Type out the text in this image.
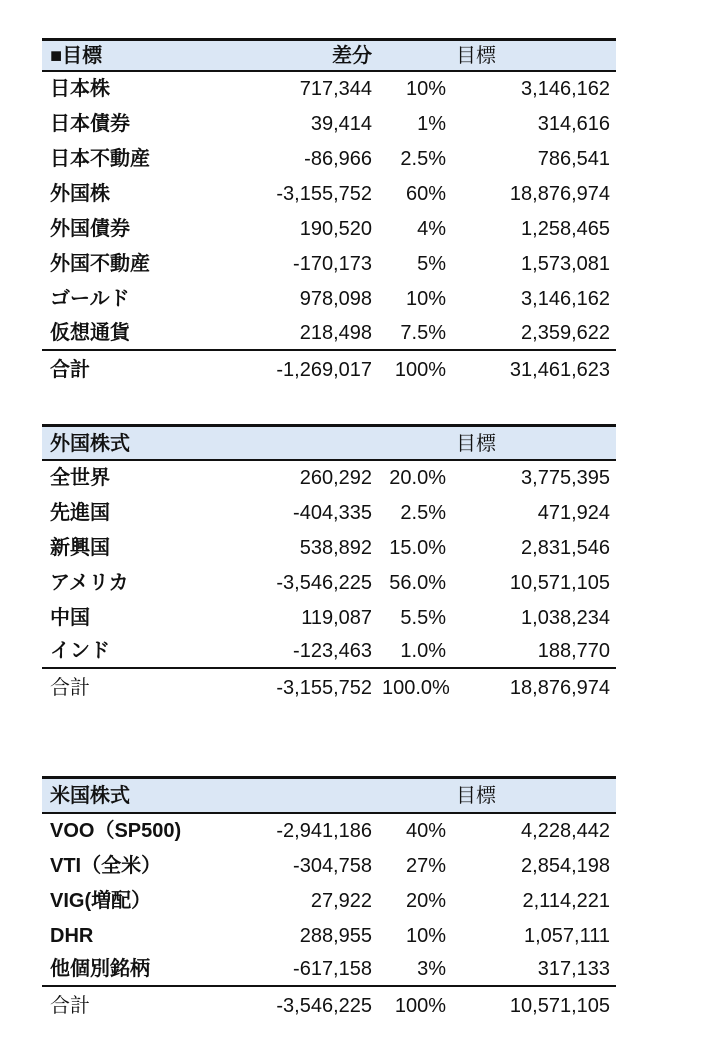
■目標	差分	目標
日本株	717,344	10%	3,146,162
日本債券	39,414	1%	314,616
日本不動産	-86,966	2.5%	786,541
外国株	-3,155,752	60%	18,876,974
外国債券	190,520	4%	1,258,465
外国不動産	-170,173	5%	1,573,081
ゴールド	978,098	10%	3,146,162
仮想通貨	218,498	7.5%	2,359,622
合計	-1,269,017	100%	31,461,623
外国株式	目標
全世界	260,292 20.0%	3,775,395
先進国	-404,335	2.5%	471,924
新興国	538,892 15.0%	2,831,546
アメリカ	-3,546,225 56.0%	10,571,105
中国	119,087	5.5%	1,038,234
インド	-123,463	1.0%	188,770
合計	-3,155,752 100.0%	18,876,974
米国株式	目標
VOO（SP500)	-2,941,186	40%	4,228,442
VTI（全米）	-304,758	27%	2,854,198
VIG(増配）	27,922	20%	2,114,221
DHR	288,955	10%	1,057,111
他個別銘柄	-617,158	3%	317,133
合計	-3,546,225	100%	10,571,105
